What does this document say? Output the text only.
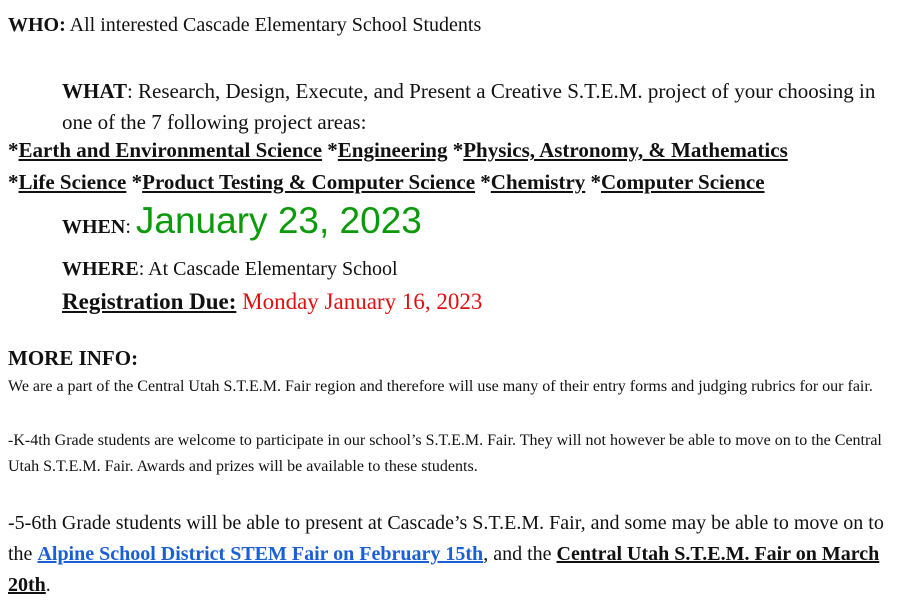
WHO: All interested Cascade Elementary School Students
WHAT: Research, Design, Execute, and Present a Creative S.T.E.M. project of your choosing in one of the 7 following project areas:
*Earth and Environmental Science *Engineering *Physics, Astronomy, & Mathematics
*Life Science *Product Testing & Computer Science *Chemistry *Computer Science
WHEN: January 23, 2023
WHERE: At Cascade Elementary School
Registration Due: Monday January 16, 2023
MORE INFO:
We are a part of the Central Utah S.T.E.M. Fair region and therefore will use many of their entry forms and judging rubrics for our fair.
-K-4th Grade students are welcome to participate in our school’s S.T.E.M. Fair. They will not however be able to move on to the Central Utah S.T.E.M. Fair. Awards and prizes will be available to these students.
-5-6th Grade students will be able to present at Cascade’s S.T.E.M. Fair, and some may be able to move on to the Alpine School District STEM Fair on February 15th, and the Central Utah S.T.E.M. Fair on March 20th.
